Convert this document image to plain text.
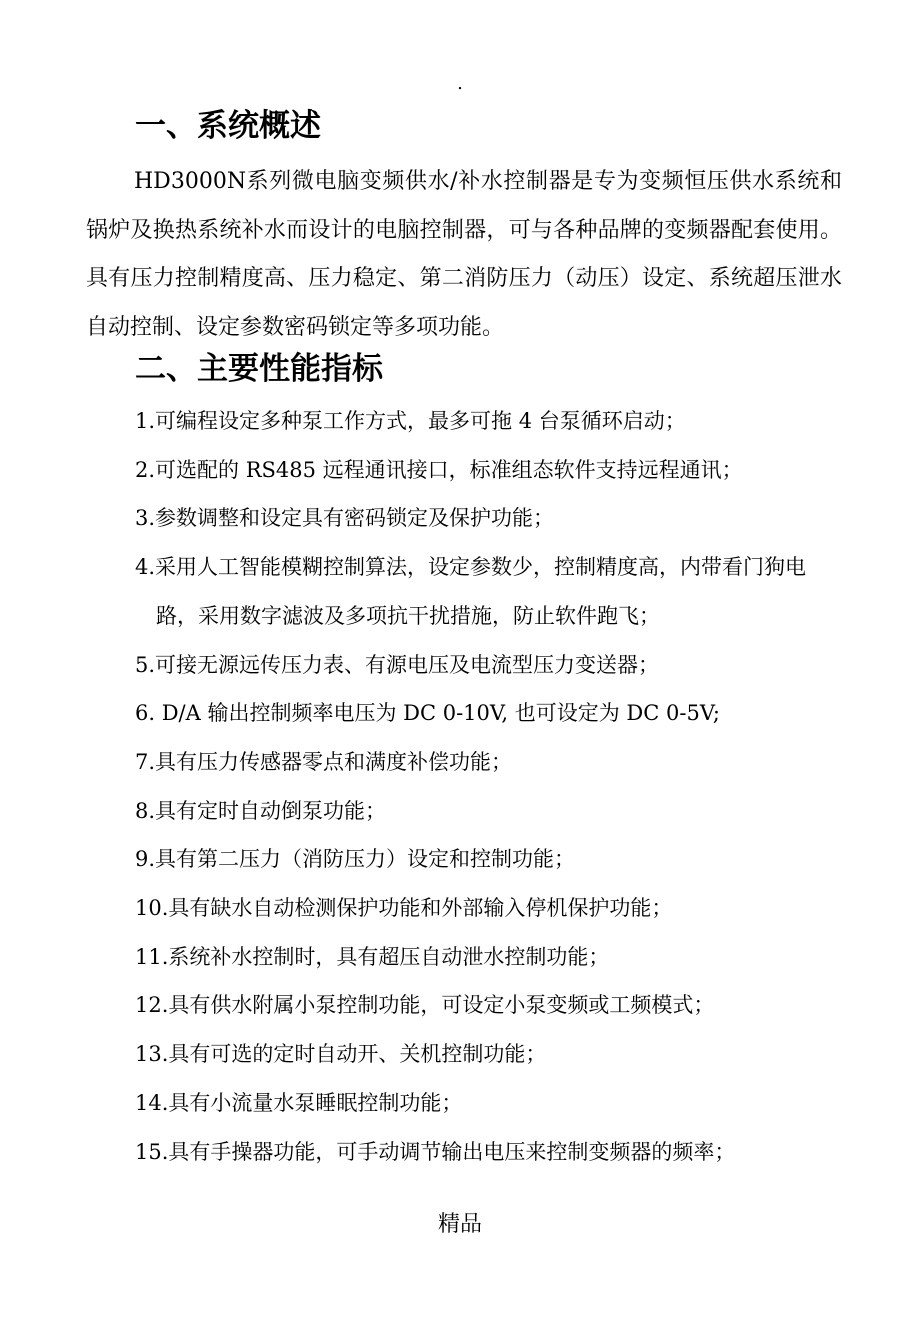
.
一、系统概述

HD3000N系列微电脑变频供水/补水控制器是专为变频恒压供水系统和锅炉及换热系统补水而设计的电脑控制器，可与各种品牌的变频器配套使用。具有压力控制精度高、压力稳定、第二消防压力（动压）设定、系统超压泄水自动控制、设定参数密码锁定等多项功能。

二、主要性能指标
1.可编程设定多种泵工作方式，最多可拖 4 台泵循环启动；
2.可选配的 RS485 远程通讯接口，标准组态软件支持远程通讯；
3.参数调整和设定具有密码锁定及保护功能；
4.采用人工智能模糊控制算法，设定参数少，控制精度高，内带看门狗电路，采用数字滤波及多项抗干扰措施，防止软件跑飞；
5.可接无源远传压力表、有源电压及电流型压力变送器；
6. D/A 输出控制频率电压为 DC 0-10V, 也可设定为 DC 0-5V;
7.具有压力传感器零点和满度补偿功能；
8.具有定时自动倒泵功能；
9.具有第二压力（消防压力）设定和控制功能；
10.具有缺水自动检测保护功能和外部输入停机保护功能；
11.系统补水控制时，具有超压自动泄水控制功能；
12.具有供水附属小泵控制功能，可设定小泵变频或工频模式；
13.具有可选的定时自动开、关机控制功能；
14.具有小流量水泵睡眠控制功能；
15.具有手操器功能，可手动调节输出电压来控制变频器的频率；
精品
